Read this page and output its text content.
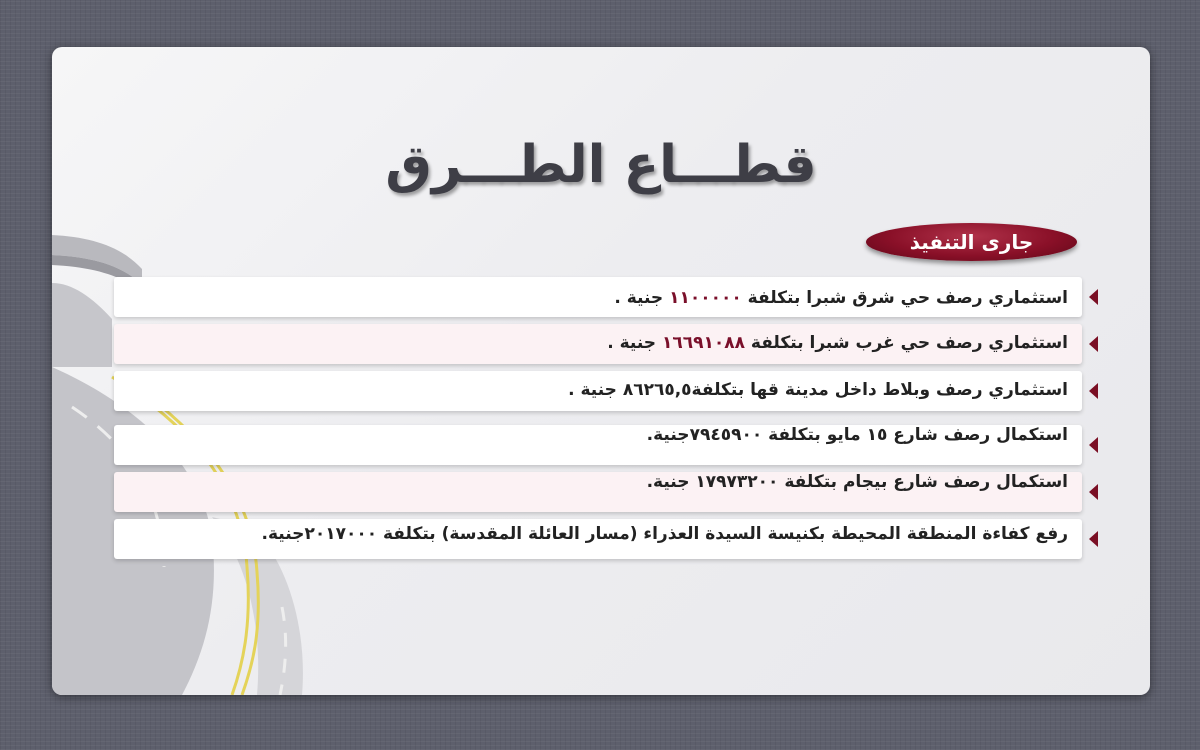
قطـــاع الطـــرق
جارى التنفيذ
استثماري رصف حي شرق شبرا بتكلفة ١١٠٠٠٠٠ جنية .
استثماري رصف حي غرب شبرا بتكلفة ١٦٦٩١٠٨٨ جنية .
استثماري رصف وبلاط داخل مدينة قها بتكلفة٨٦٢٦٥,٥ جنية .
استكمال رصف شارع ١٥ مايو بتكلفة ٧٩٤٥٩٠٠جنية.
استكمال رصف شارع بيجام بتكلفة ١٧٩٧٣٢٠٠ جنية.
رفع كفاءة المنطقة المحيطة بكنيسة السيدة العذراء (مسار العائلة المقدسة) بتكلفة ٢٠١٧٠٠٠جنية.
